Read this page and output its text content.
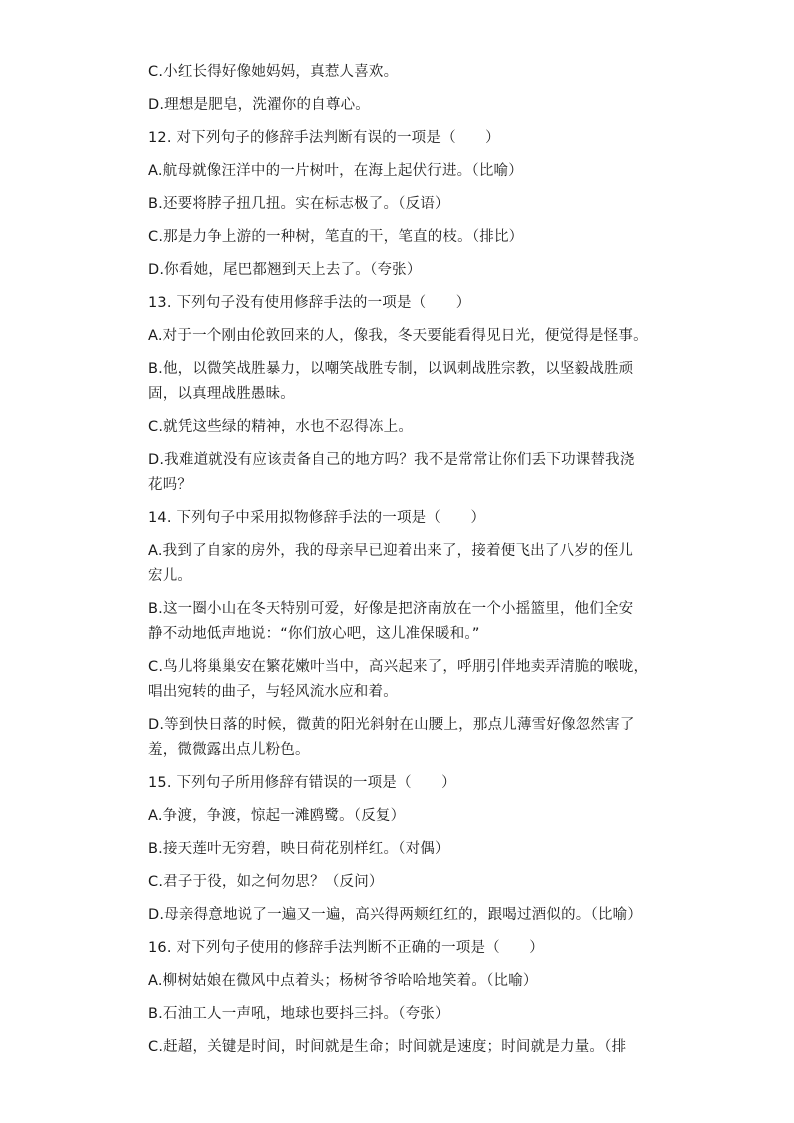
C.小红长得好像她妈妈，真惹人喜欢。

D.理想是肥皂，洗濯你的自尊心。

12. 对下列句子的修辞手法判断有误的一项是（　　）

A.航母就像汪洋中的一片树叶，在海上起伏行进。（比喻）

B.还要将脖子扭几扭。实在标志极了。（反语）

C.那是力争上游的一种树，笔直的干，笔直的枝。（排比）

D.你看她，尾巴都翘到天上去了。（夸张）

13. 下列句子没有使用修辞手法的一项是（　　）

A.对于一个刚由伦敦回来的人，像我，冬天要能看得见日光，便觉得是怪事。

B.他，以微笑战胜暴力，以嘲笑战胜专制，以讽刺战胜宗教，以坚毅战胜顽

固，以真理战胜愚昧。

C.就凭这些绿的精神，水也不忍得冻上。

D.我难道就没有应该责备自己的地方吗？我不是常常让你们丢下功课替我浇

花吗？

14. 下列句子中采用拟物修辞手法的一项是（　　）

A.我到了自家的房外，我的母亲早已迎着出来了，接着便飞出了八岁的侄儿

宏儿。

B.这一圈小山在冬天特别可爱，好像是把济南放在一个小摇篮里，他们全安

静不动地低声地说：“你们放心吧，这儿准保暖和。”

C.鸟儿将巢巢安在繁花嫩叶当中，高兴起来了，呼朋引伴地卖弄清脆的喉咙，

唱出宛转的曲子，与轻风流水应和着。

D.等到快日落的时候，微黄的阳光斜射在山腰上，那点儿薄雪好像忽然害了

羞，微微露出点儿粉色。

15. 下列句子所用修辞有错误的一项是（　　）

A.争渡，争渡，惊起一滩鸥鹭。（反复）

B.接天莲叶无穷碧，映日荷花别样红。（对偶）

C.君子于役，如之何勿思？（反问）

D.母亲得意地说了一遍又一遍，高兴得两颊红红的，跟喝过酒似的。（比喻）

16. 对下列句子使用的修辞手法判断不正确的一项是（　　）

A.柳树姑娘在微风中点着头；杨树爷爷哈哈地笑着。（比喻）

B.石油工人一声吼，地球也要抖三抖。（夸张）

C.赶超，关键是时间，时间就是生命；时间就是速度；时间就是力量。（排
